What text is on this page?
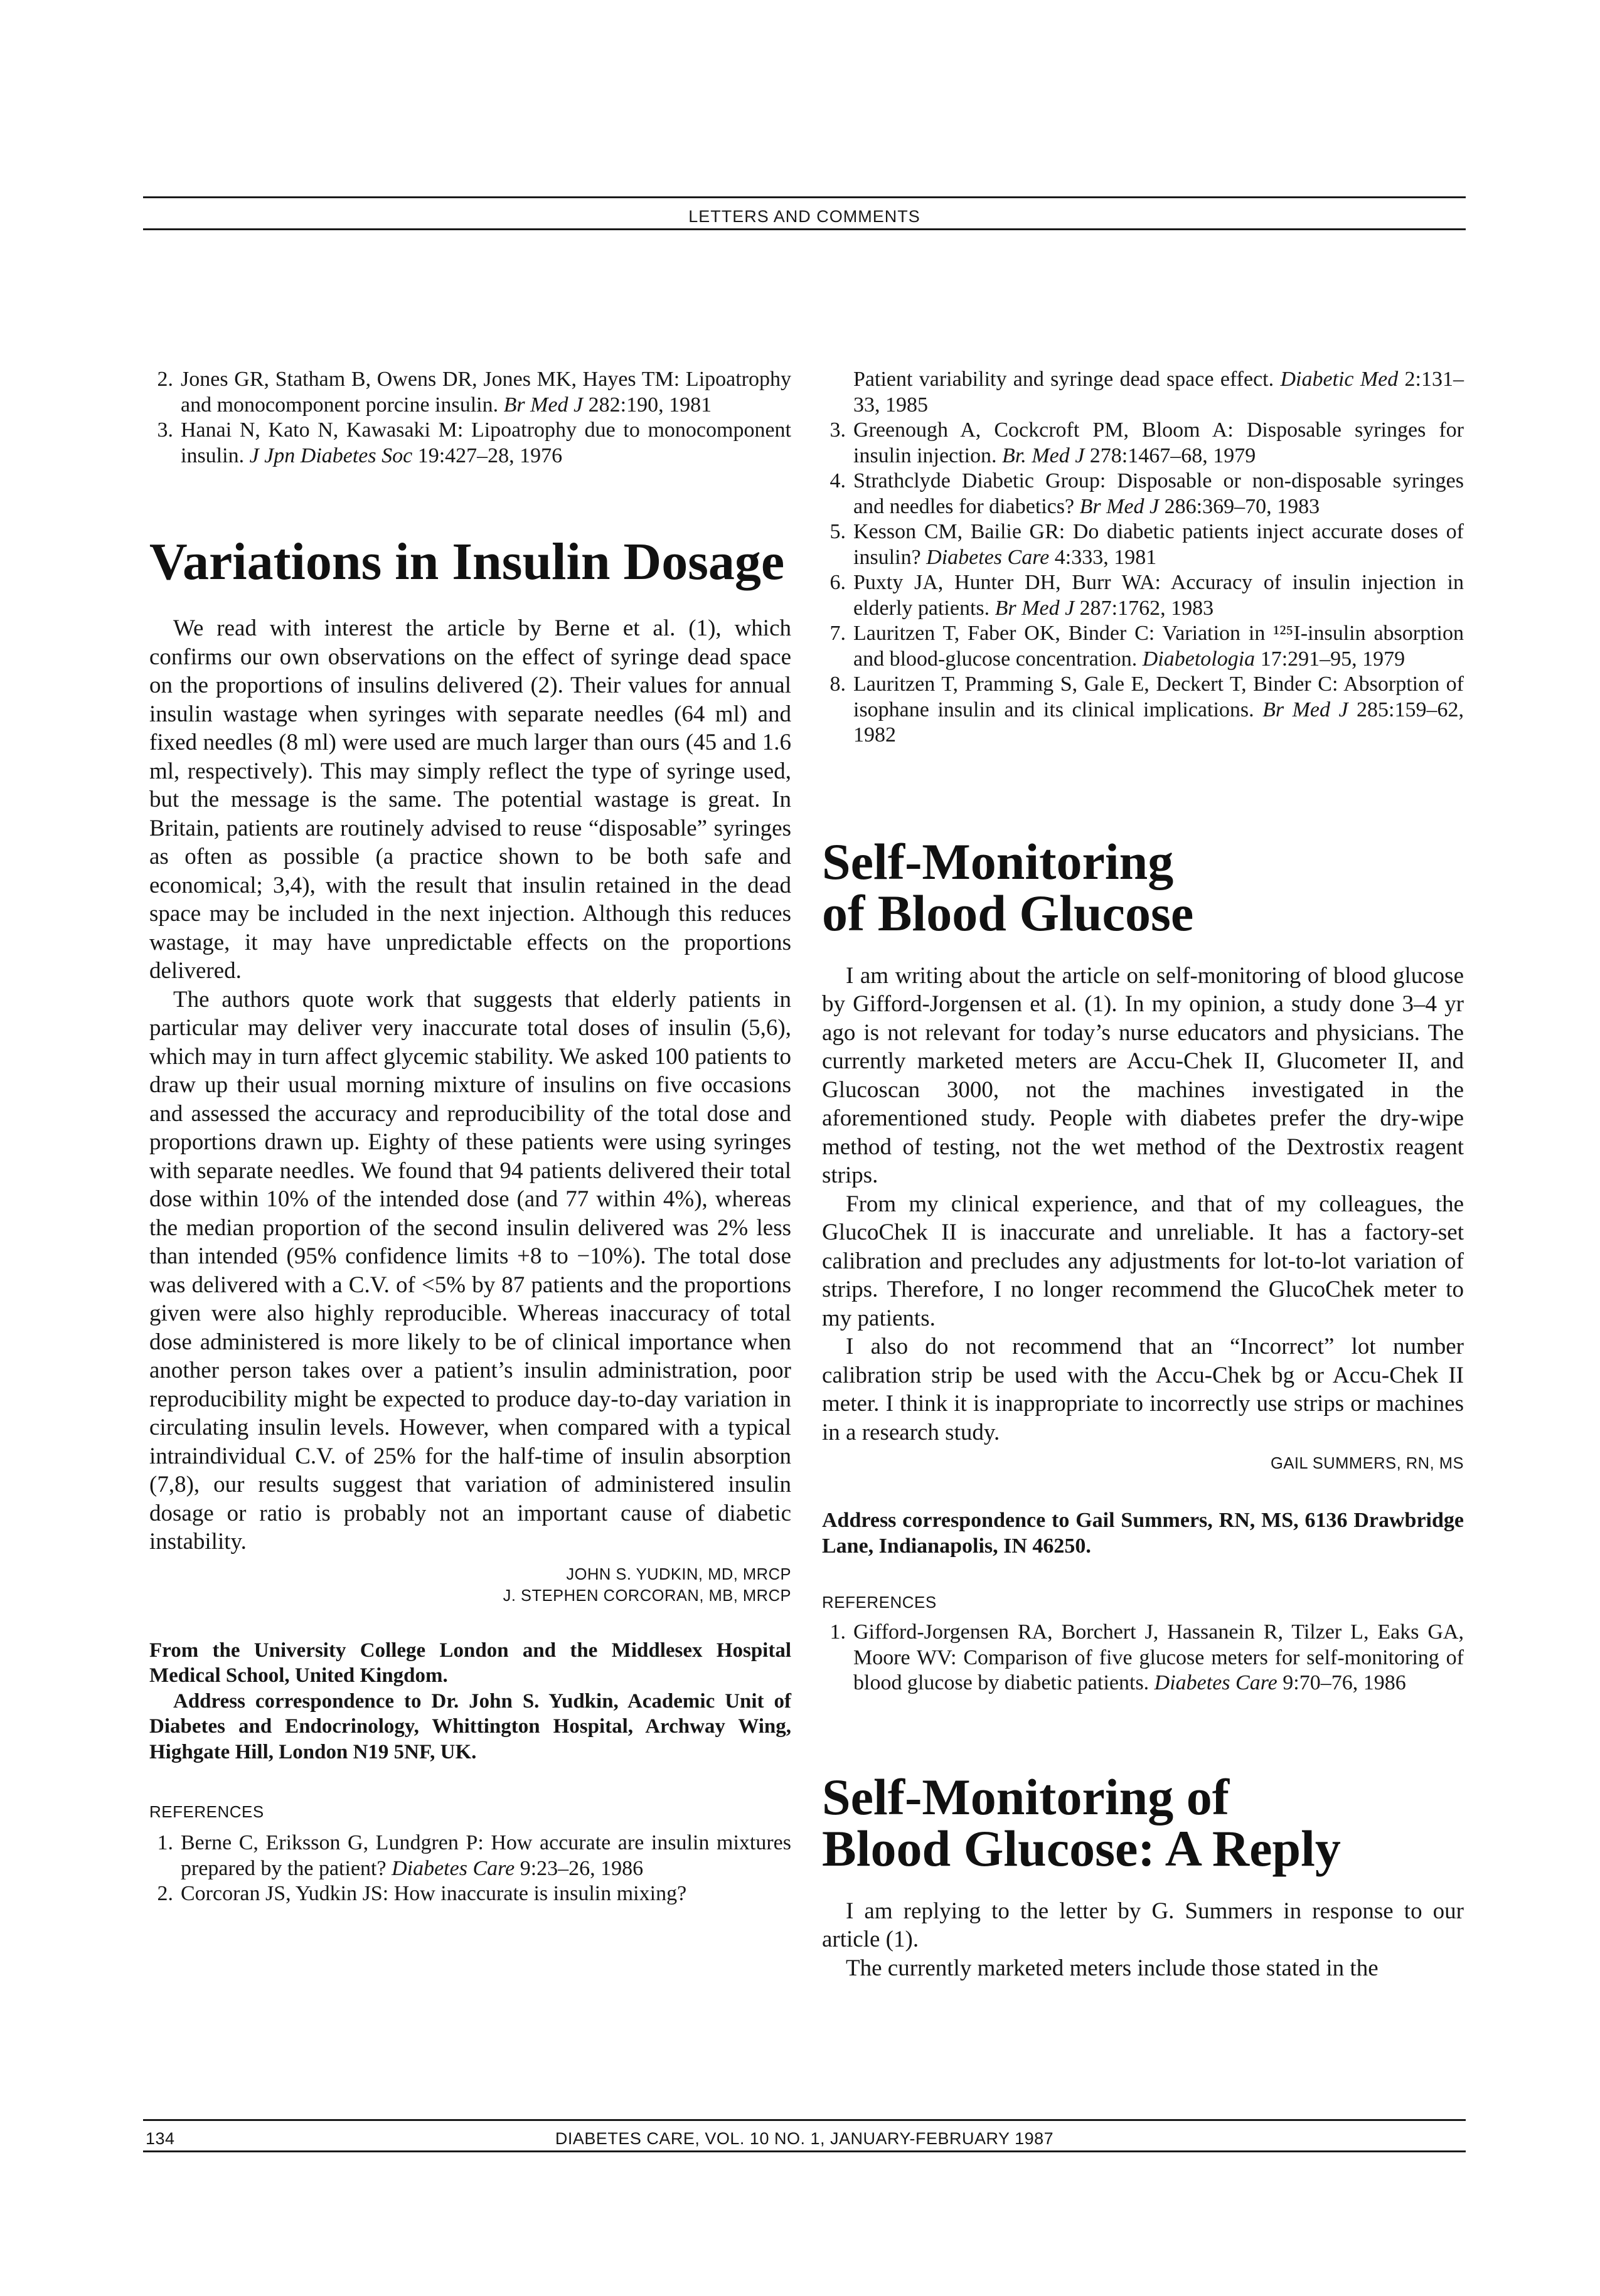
LETTERS AND COMMENTS
2. Jones GR, Statham B, Owens DR, Jones MK, Hayes TM: Lipoatrophy and monocomponent porcine insulin. Br Med J 282:190, 1981
3. Hanai N, Kato N, Kawasaki M: Lipoatrophy due to monocomponent insulin. J Jpn Diabetes Soc 19:427–28, 1976
Variations in Insulin Dosage

We read with interest the article by Berne et al. (1), which confirms our own observations on the effect of syringe dead space on the proportions of insulins delivered (2). Their values for annual insulin wastage when syringes with separate needles (64 ml) and fixed needles (8 ml) were used are much larger than ours (45 and 1.6 ml, respectively). This may simply reflect the type of syringe used, but the message is the same. The potential wastage is great. In Britain, patients are routinely advised to reuse “disposable” syringes as often as possible (a practice shown to be both safe and economical; 3,4), with the result that insulin retained in the dead space may be included in the next injection. Although this reduces wastage, it may have unpredictable effects on the proportions delivered.

The authors quote work that suggests that elderly patients in particular may deliver very inaccurate total doses of insulin (5,6), which may in turn affect glycemic stability. We asked 100 patients to draw up their usual morning mixture of insulins on five occasions and assessed the accuracy and reproducibility of the total dose and proportions drawn up. Eighty of these patients were using syringes with separate needles. We found that 94 patients delivered their total dose within 10% of the intended dose (and 77 within 4%), whereas the median proportion of the second insulin delivered was 2% less than intended (95% confidence limits +8 to −10%). The total dose was delivered with a C.V. of <5% by 87 patients and the proportions given were also highly reproducible. Whereas inaccuracy of total dose administered is more likely to be of clinical importance when another person takes over a patient’s insulin administration, poor reproducibility might be expected to produce day-to-day variation in circulating insulin levels. However, when compared with a typical intraindividual C.V. of 25% for the half-time of insulin absorption (7,8), our results suggest that variation of administered insulin dosage or ratio is probably not an important cause of diabetic instability.

JOHN S. YUDKIN, MD, MRCP
J. STEPHEN CORCORAN, MB, MRCP

From the University College London and the Middlesex Hospital Medical School, United Kingdom.

Address correspondence to Dr. John S. Yudkin, Academic Unit of Diabetes and Endocrinology, Whittington Hospital, Archway Wing, Highgate Hill, London N19 5NF, UK.

REFERENCES
1. Berne C, Eriksson G, Lundgren P: How accurate are insulin mixtures prepared by the patient? Diabetes Care 9:23–26, 1986
2. Corcoran JS, Yudkin JS: How inaccurate is insulin mixing?
Patient variability and syringe dead space effect. Diabetic Med 2:131–33, 1985
3. Greenough A, Cockcroft PM, Bloom A: Disposable syringes for insulin injection. Br. Med J 278:1467–68, 1979
4. Strathclyde Diabetic Group: Disposable or non-disposable syringes and needles for diabetics? Br Med J 286:369–70, 1983
5. Kesson CM, Bailie GR: Do diabetic patients inject accurate doses of insulin? Diabetes Care 4:333, 1981
6. Puxty JA, Hunter DH, Burr WA: Accuracy of insulin injection in elderly patients. Br Med J 287:1762, 1983
7. Lauritzen T, Faber OK, Binder C: Variation in ¹²⁵I-insulin absorption and blood-glucose concentration. Diabetologia 17:291–95, 1979
8. Lauritzen T, Pramming S, Gale E, Deckert T, Binder C: Absorption of isophane insulin and its clinical implications. Br Med J 285:159–62, 1982
Self-Monitoring of Blood Glucose

I am writing about the article on self-monitoring of blood glucose by Gifford-Jorgensen et al. (1). In my opinion, a study done 3–4 yr ago is not relevant for today’s nurse educators and physicians. The currently marketed meters are Accu-Chek II, Glucometer II, and Glucoscan 3000, not the machines investigated in the aforementioned study. People with diabetes prefer the dry-wipe method of testing, not the wet method of the Dextrostix reagent strips.

From my clinical experience, and that of my colleagues, the GlucoChek II is inaccurate and unreliable. It has a factory-set calibration and precludes any adjustments for lot-to-lot variation of strips. Therefore, I no longer recommend the GlucoChek meter to my patients.

I also do not recommend that an “Incorrect” lot number calibration strip be used with the Accu-Chek bg or Accu-Chek II meter. I think it is inappropriate to incorrectly use strips or machines in a research study.

GAIL SUMMERS, RN, MS

Address correspondence to Gail Summers, RN, MS, 6136 Drawbridge Lane, Indianapolis, IN 46250.

REFERENCES
1. Gifford-Jorgensen RA, Borchert J, Hassanein R, Tilzer L, Eaks GA, Moore WV: Comparison of five glucose meters for self-monitoring of blood glucose by diabetic patients. Diabetes Care 9:70–76, 1986
Self-Monitoring of Blood Glucose: A Reply

I am replying to the letter by G. Summers in response to our article (1).

The currently marketed meters include those stated in the

134	DIABETES CARE, VOL. 10 NO. 1, JANUARY-FEBRUARY 1987
